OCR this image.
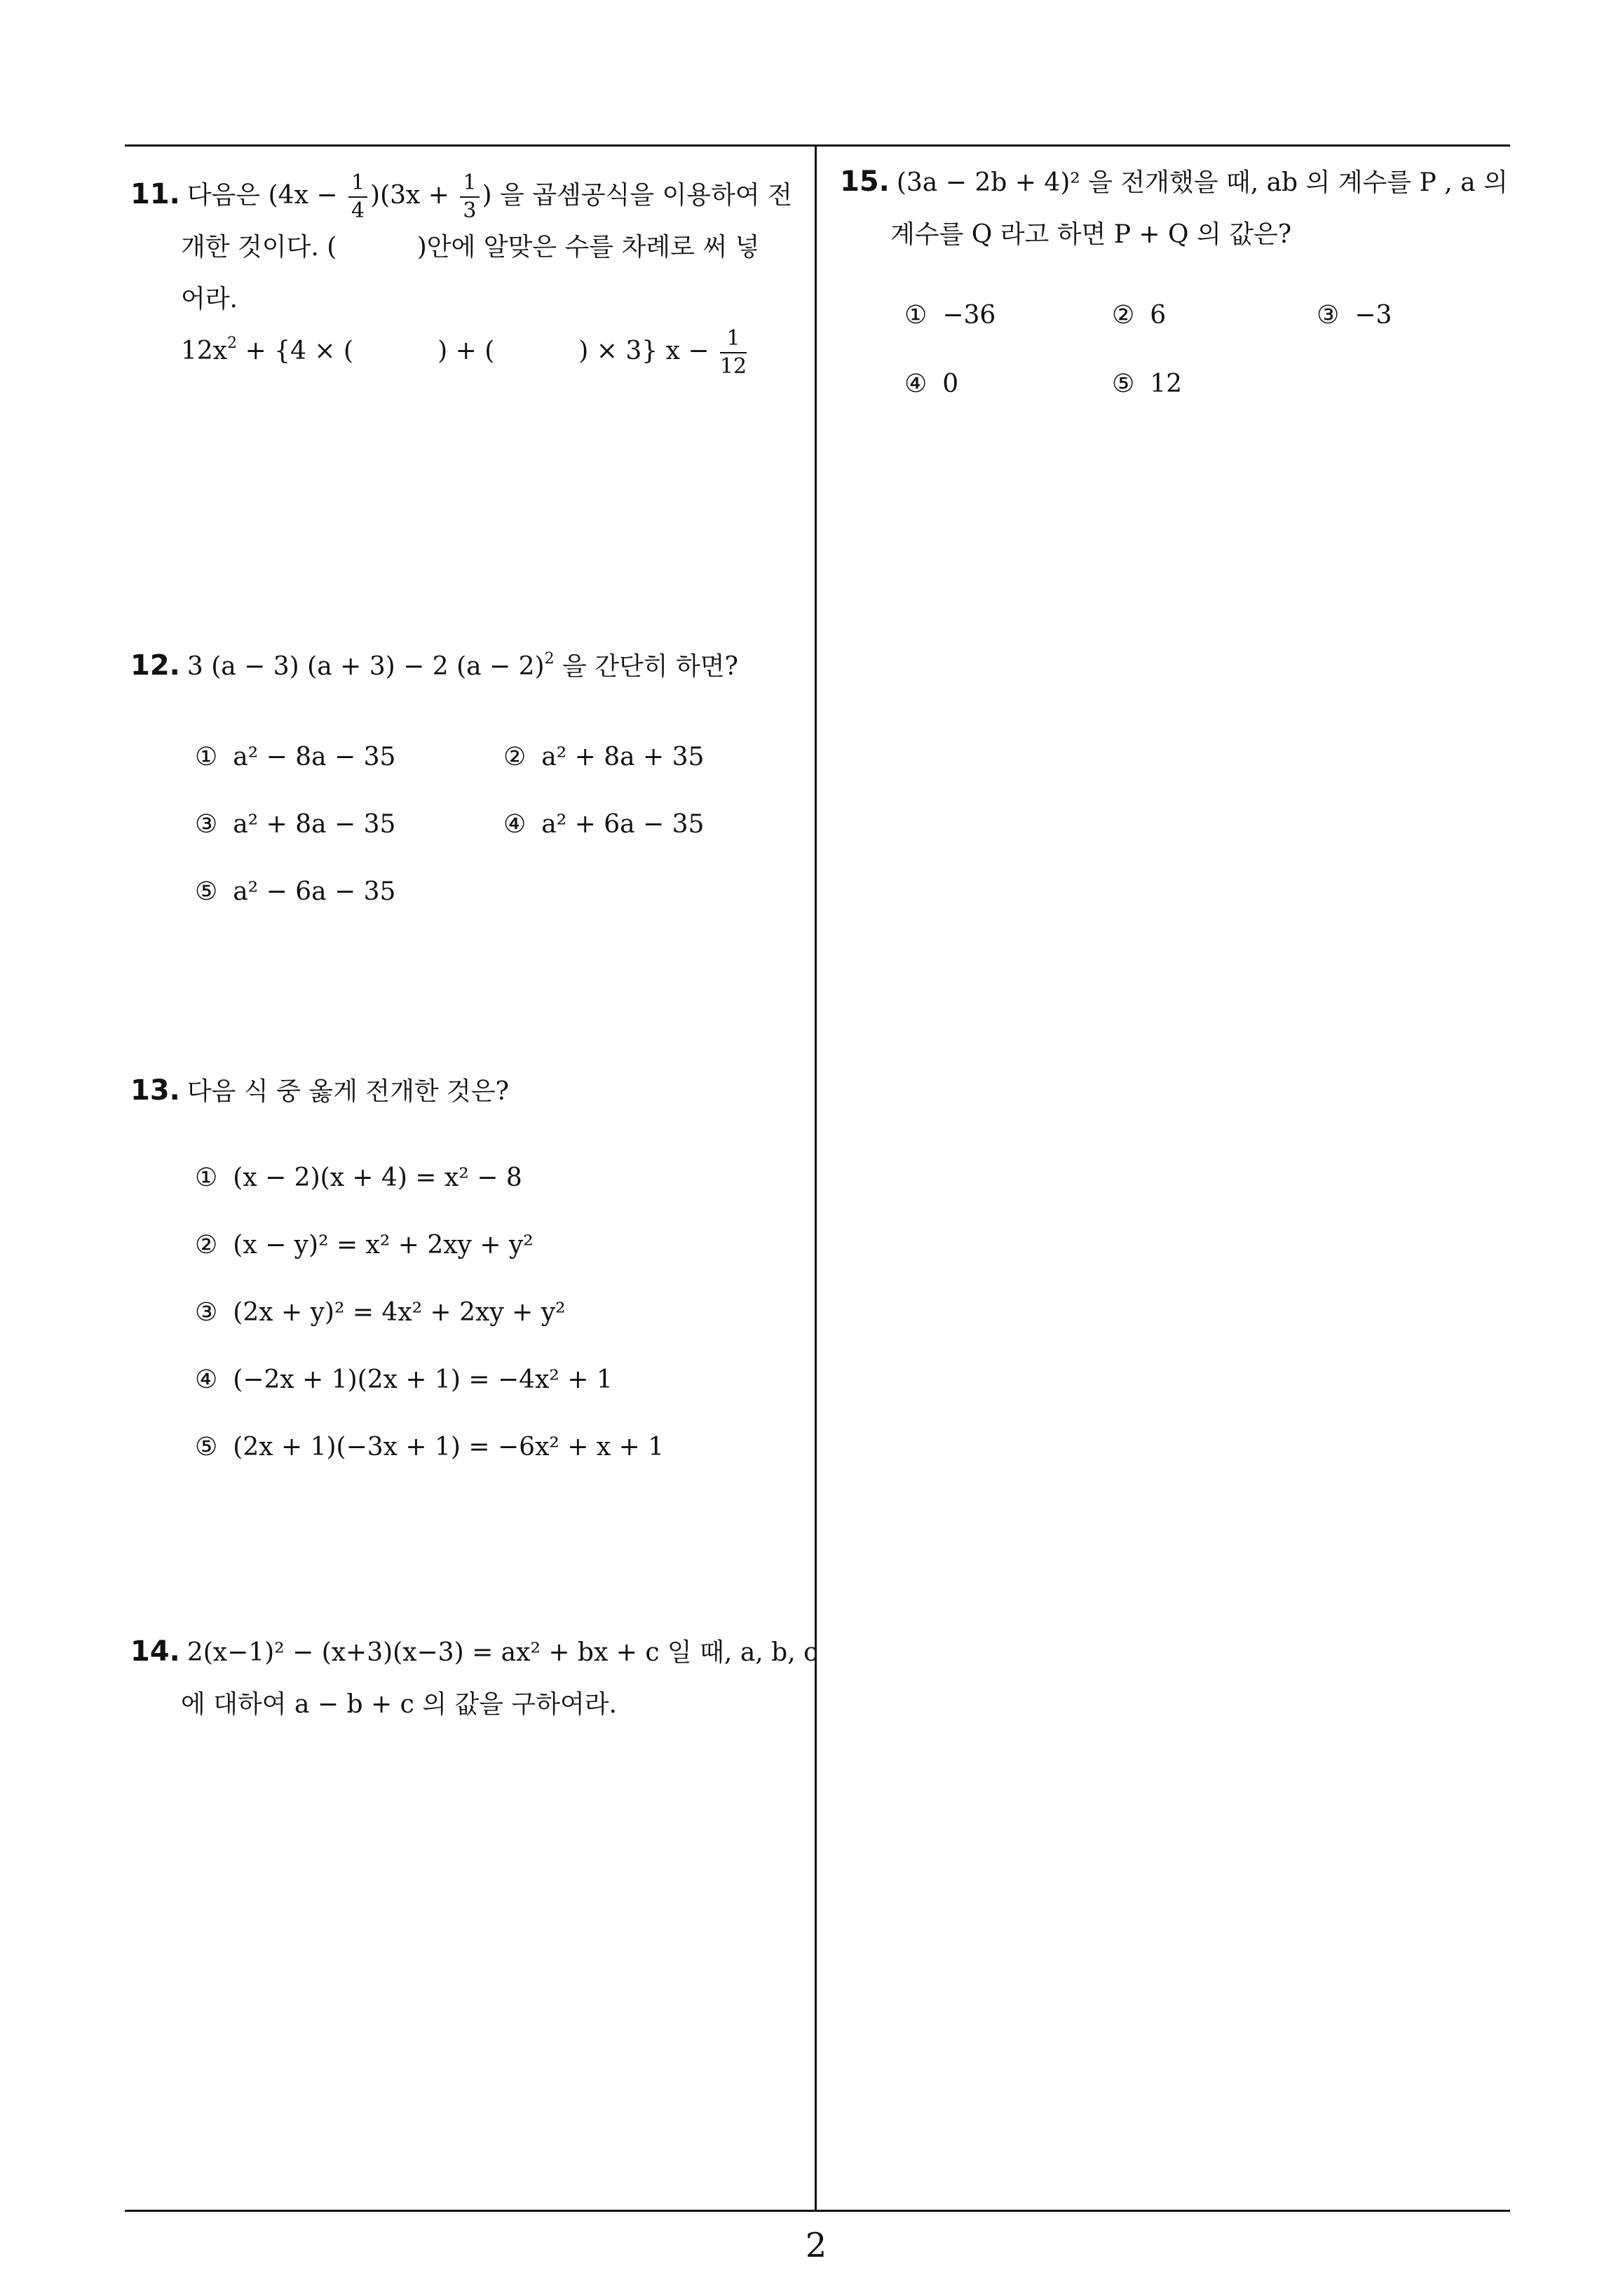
11. 다음은 $(4x - \frac{1}{4} )(3x + \frac{1}{3}$ ) 을 곱셈공식을 이용하여 전
개한 것이다. (          )안에 알맞은 수를 차례로 써 넣
어라.
$12x^2 + \{4$ × (	) + (	) × 3} $x - \frac{1}{12}$
12. 3 (a − 3) (a + 3) − 2 $(a - 2)^2$ 을 간단히 하면?
① a² − 8a − 35	② a² + 8a + 35
③ a² + 8a − 35	④ a² + 6a − 35
⑤ a² − 6a − 35
13. 다음 식 중 옳게 전개한 것은?
① (x − 2)(x + 4) = x² − 8
② (x − y)² = x² + 2xy + y²
③ (2x + y)² = 4x² + 2xy + y²
④ (−2x + 1)(2x + 1) = −4x² + 1
⑤ (2x + 1)(−3x + 1) = −6x² + x + 1
14. 2(x−1)² − (x+3)(x−3) = ax² + bx + c 일 때, a, b, c
에 대하여 a − b + c 의 값을 구하여라.
15. (3a − 2b + 4)² 을 전개했을 때, ab 의 계수를 P , a 의
계수를 Q 라고 하면 P + Q 의 값은?
① −36	② 6	③ −3
④ 0	⑤ 12
2
